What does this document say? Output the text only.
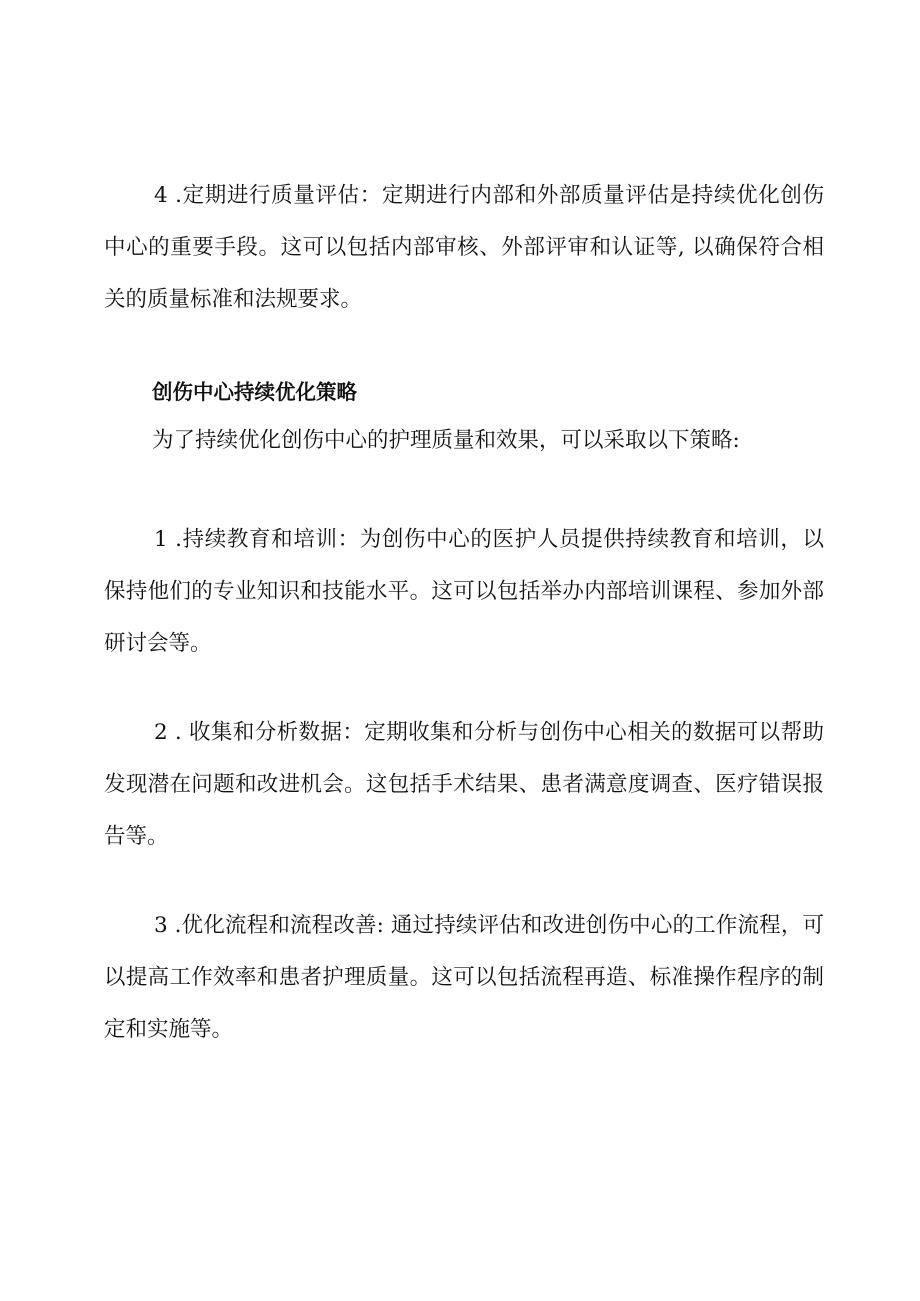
4 .定期进行质量评估：定期进行内部和外部质量评估是持续优化创伤中心的重要手段。这可以包括内部审核、外部评审和认证等, 以确保符合相关的质量标准和法规要求。

创伤中心持续优化策略

为了持续优化创伤中心的护理质量和效果，可以采取以下策略:

1 .持续教育和培训：为创伤中心的医护人员提供持续教育和培训，以保持他们的专业知识和技能水平。这可以包括举办内部培训课程、参加外部研讨会等。

2 . 收集和分析数据：定期收集和分析与创伤中心相关的数据可以帮助发现潜在问题和改进机会。这包括手术结果、患者满意度调查、医疗错误报告等。

3 .优化流程和流程改善: 通过持续评估和改进创伤中心的工作流程，可以提高工作效率和患者护理质量。这可以包括流程再造、标准操作程序的制定和实施等。
